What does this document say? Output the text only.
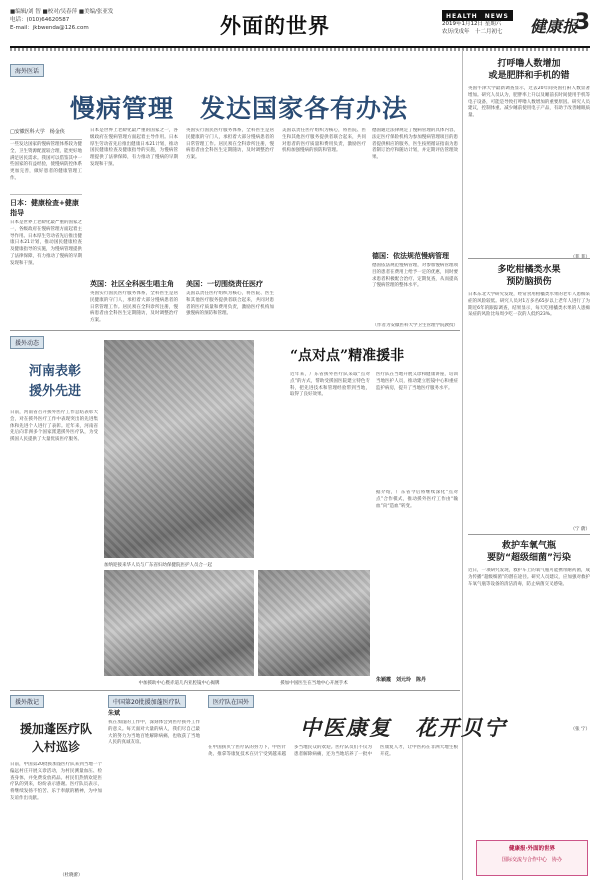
■编辑/刘 智 ■校对/吴春萍 ■美编/张亚发
电话：(010)64620587
E-mail：jkbwenda@126.com	外面的世界	HEALTH　NEWS
2019年1月12日 星期六
农历戊戌年　十二月初七 健康报
3
海外医话
慢病管理　发达国家各有办法
□安徽医科大学　杨金侠
一些发达国家的慢病管理体系较为健全，卫生资源配置较合理，能更好地满足居民需求。我国可以借鉴其中一些国家的有益经验，使慢病防控体系更加完善，做好患者的健康管理工作。
日本：健康检查+健康指导
日本是世界上老龄化最严重的国家之一，各级政府在慢病管理方面起着主导作用。日本厚生劳动省先后推出健康日本21计划，推动国民健康检查及健康指导的实施，为慢病管理提供了法律保障，有力推动了慢病的早期发现和干预。
日本是世界上老龄化最严重的国家之一，各级政府在慢病管理方面起着主导作用。日本厚生劳动省先后推出健康日本21计划，推动国民健康检查及健康指导的实施，为慢病管理提供了法律保障，有力推动了慢病的早期发现和干预。
英国：社区全科医生唱主角
英国实行国民医疗服务体系，全科医生是居民健康的守门人，承担着大部分慢病患者的日常管理工作。居民须在全科诊所注册，慢病患者由全科医生定期随访，及时调整治疗方案。
英国实行国民医疗服务体系，全科医生是居民健康的守门人，承担着大部分慢病患者的日常管理工作。居民须在全科诊所注册，慢病患者由全科医生定期随访，及时调整治疗方案。
美国：一切围绕责任医疗
美国以责任医疗组织为核心，将医院、医生和其他医疗服务提供者联合起来，共同对患者的医疗质量和费用负责，激励医疗机构加强慢病的预防和管理。
美国以责任医疗组织为核心，将医院、医生和其他医疗服务提供者联合起来，共同对患者的医疗质量和费用负责，激励医疗机构加强慢病的预防和管理。
德国通过法律规定了慢病管理的具体内容，法定医疗保险机构为参加慢病管理项目的患者提供相应的服务，医生按照循证指南为患者制订治疗和随访计划，并定期评估管理效果。
德国：依法规范慢病管理
德国依法规范慢病管理，对参加慢病管理项目的患者在费用上给予一定的优惠，同时要求患者积极配合治疗、定期复查，从而提高了慢病管理的整体水平。
（作者为安徽医科大学卫生管理学院教授）
打呼噜人数增加
或是肥胖和手机的错
英国牛津大学最新调查显示，过去20年间英国打鼾人数显著增加。研究人员认为，肥胖率上升以及睡前长时间使用手机等电子设备，可能是导致打呼噜人数增加的重要原因。研究人员建议，控制体重、减少睡前使用电子产品，有助于改善睡眠质量。
多吃柑橘类水果
预防脑损伤
日本东北大学研究发现，经常食用柑橘类水果的老年人患痴呆症的风险较低。研究人员对1万多名65岁以上老年人进行了为期近6年的跟踪调查，结果显示，每天吃柑橘类水果的人患痴呆症的风险比每周少吃一次的人低约23%。
（宁 蔚）
救护车氧气瓶
要防“超级细菌”污染
近日，一项研究发现，救护车上的氧气瓶可能携带耐药菌，成为传播“超级细菌”的潜在途径。研究人员建议，应加强对救护车氧气瓶等设备的清洁消毒，防止病菌交叉感染。
（张 宁）
援外动态
河南表彰
援外先进
日前，河南省召开援外医疗工作总结表彰大会，对在援外医疗工作中表现突出的先进集体和先进个人进行了表彰。近年来，河南省先后向非洲多个国家派遣援外医疗队，为受援国人民提供了大量优质医疗服务。
“点对点”精准援非
加纳迎接来华人员与广东省妇幼保健院医护人员合一起
近年来，广东省援外医疗队采取“点对点”的方式，帮助受援国医院建立特色专科，把先进技术和管理经验带到当地，取得了良好效果。
医疗队在当地开展义诊和健康讲座，培训当地医护人员，推动建立腔镜中心和重症监护病房，提升了当地医疗服务水平。
据介绍，广东省今后将继续深化“点对点”合作模式，推动援外医疗工作由“输血”向“造血”转变。
中加援助中心暨赤道几内亚腔镜中心揭牌	援加中国医生在当地中心开展手术
朱颖霞　刘元玲　陈丹
援外散记
援加蓬医疗队
入村巡诊
日前，中国第20批援加蓬医疗队来到当地一个偏远村庄开展义诊活动，为村民测量血压、检查身体，并免费发放药品。村民们热情欢迎医疗队的到来，纷纷表示感谢。医疗队员表示，将继续发扬不怕苦、乐于奉献的精神，为中加友谊作出贡献。
（杜晓蕾）
中国第20批援加蓬医疗队
朱斌
我在加蓬的工作中，深刻体会到医疗援外工作的意义。每天面对大量的病人，我们尽自己最大的努力为当地百姓解除病痛，也收获了当地人民的真诚友谊。
医疗队在国外
中医康复　花开贝宁
在中国援贝宁医疗队的努力下，中医针灸、推拿等康复技术在贝宁受到越来越多当地民众的欢迎。医疗队员们不仅为患者解除病痛，还为当地培养了一批中医康复人才，让中医药在非洲大地生根开花。
健康报·外面的世界
国际交流与合作中心　协办
